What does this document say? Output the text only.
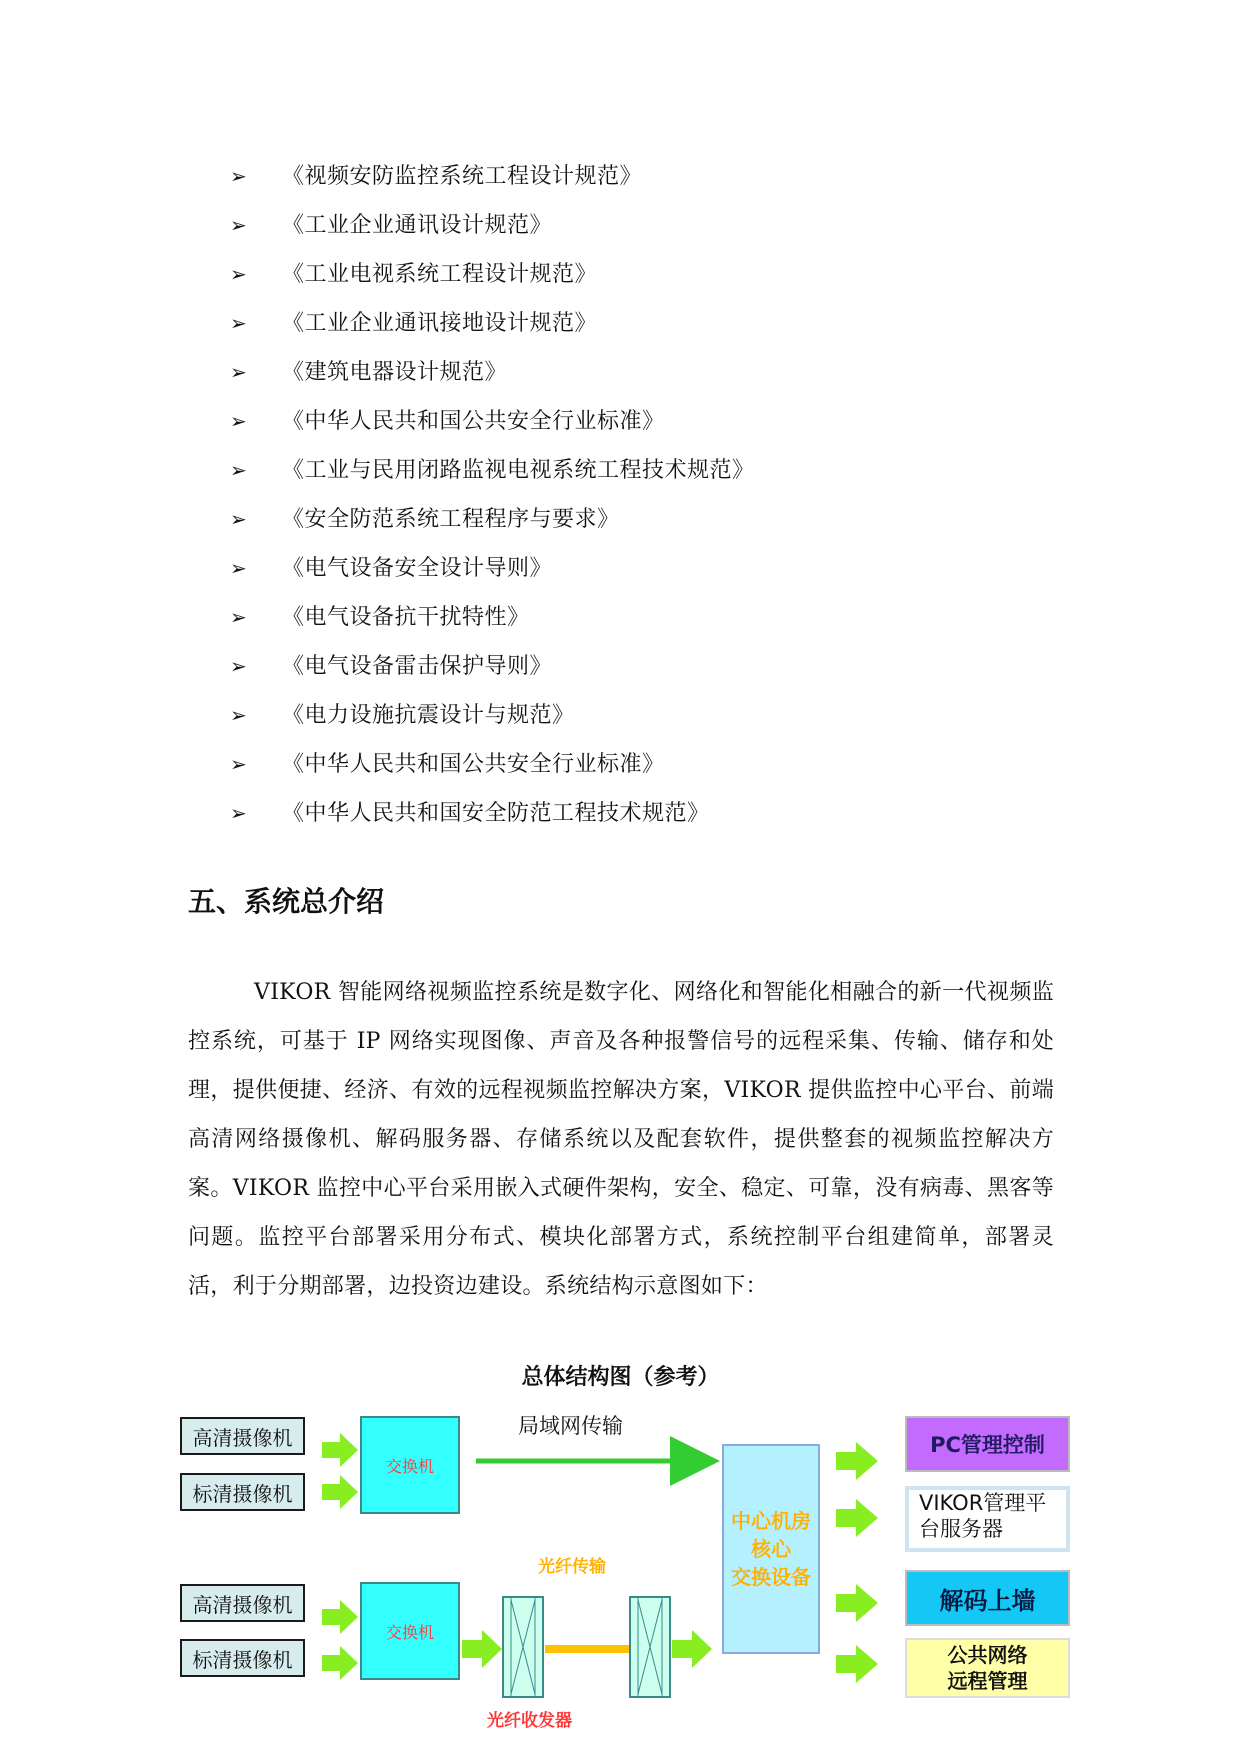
➢ 《视频安防监控系统工程设计规范》
➢ 《工业企业通讯设计规范》
➢ 《工业电视系统工程设计规范》
➢ 《工业企业通讯接地设计规范》
➢ 《建筑电器设计规范》
➢ 《中华人民共和国公共安全行业标准》
➢ 《工业与民用闭路监视电视系统工程技术规范》
➢ 《安全防范系统工程程序与要求》
➢ 《电气设备安全设计导则》
➢ 《电气设备抗干扰特性》
➢ 《电气设备雷击保护导则》
➢ 《电力设施抗震设计与规范》
➢ 《中华人民共和国公共安全行业标准》
➢ 《中华人民共和国安全防范工程技术规范》
五、系统总介绍

VIKOR 智能网络视频监控系统是数字化、网络化和智能化相融合的新一代视频监控系统，可基于 IP 网络实现图像、声音及各种报警信号的远程采集、传输、储存和处理，提供便捷、经济、有效的远程视频监控解决方案，VIKOR 提供监控中心平台、前端高清网络摄像机、解码服务器、存储系统以及配套软件，提供整套的视频监控解决方案。VIKOR 监控中心平台采用嵌入式硬件架构，安全、稳定、可靠，没有病毒、黑客等问题。监控平台部署采用分布式、模块化部署方式，系统控制平台组建简单，部署灵活，利于分期部署，边投资边建设。系统结构示意图如下：

总体结构图（参考）
高清摄像机
标清摄像机
高清摄像机
标清摄像机
交换机
交换机
局域网传输
光纤传输
光纤收发器
中心机房
核心
交换设备
PC管理控制
VIKOR管理平
台服务器
解码上墙
公共网络
远程管理
